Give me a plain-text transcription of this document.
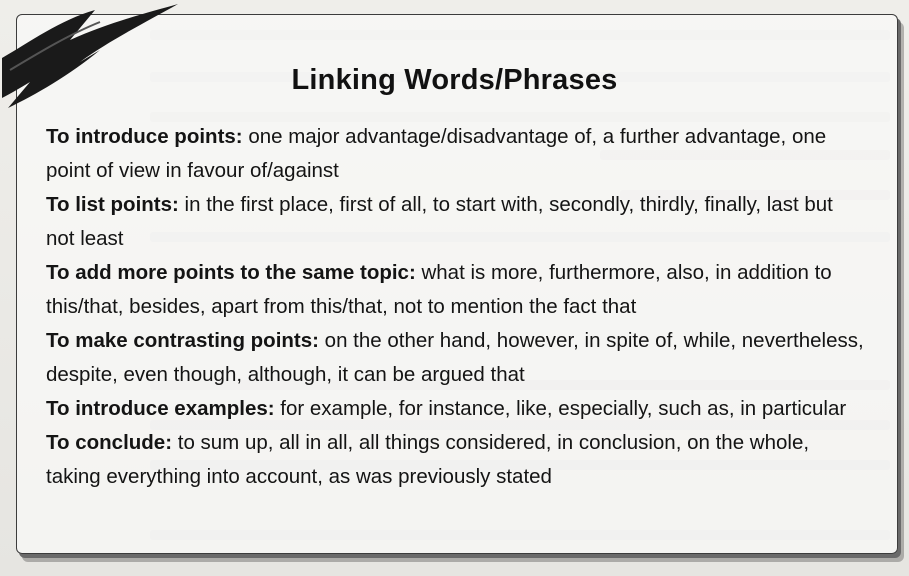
Linking Words/Phrases

To introduce points: one major advantage/disadvantage of, a further advantage, one point of view in favour of/against

To list points: in the first place, first of all, to start with, secondly, thirdly, finally, last but not least

To add more points to the same topic: what is more, furthermore, also, in addition to this/that, besides, apart from this/that, not to mention the fact that

To make contrasting points: on the other hand, however, in spite of, while, nevertheless, despite, even though, although, it can be argued that

To introduce examples: for example, for instance, like, especially, such as, in particular

To conclude: to sum up, all in all, all things considered, in conclusion, on the whole, taking everything into account, as was previously stated
